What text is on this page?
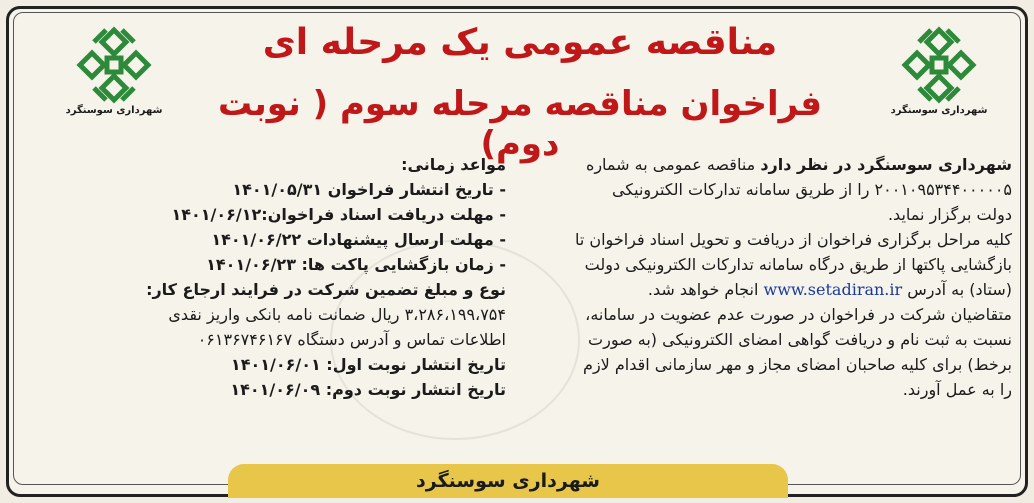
شهرداری سوسنگرد
شهرداری سوسنگرد
مناقصه عمومی یک مرحله ای
فراخوان مناقصه مرحله سوم ( نوبت دوم)

شهرداری سوسنگرد در نظر دارد مناقصه عمومی به شماره

۲۰۰۱۰۹۵۳۴۴۰۰۰۰۰۵ را از طریق سامانه تدارکات الکترونیکی

دولت برگزار نماید.

کلیه مراحل برگزاری فراخوان از دریافت و تحویل اسناد فراخوان تا

بازگشایی پاکتها از طریق درگاه سامانه تدارکات الکترونیکی دولت

(ستاد) به آدرس www.setadiran.ir انجام خواهد شد.

متقاضیان شرکت در فراخوان در صورت عدم عضویت در سامانه،

نسبت به ثبت نام و دریافت گواهی امضای الکترونیکی (به صورت

برخط) برای کلیه صاحبان امضای مجاز و مهر سازمانی اقدام لازم

را به عمل آورند.

مواعد زمانی:

- تاریخ انتشار فراخوان ۱۴۰۱/۰۵/۳۱

- مهلت دریافت اسناد فراخوان:۱۴۰۱/۰۶/۱۲

- مهلت ارسال پیشنهادات ۱۴۰۱/۰۶/۲۲

- زمان بازگشایی پاکت ها: ۱۴۰۱/۰۶/۲۳

نوع و مبلغ تضمین شرکت در فرایند ارجاع کار:

۳،۲۸۶،۱۹۹،۷۵۴ ریال ضمانت نامه بانکی واریز نقدی

اطلاعات تماس و آدرس دستگاه ۰۶۱۳۶۷۴۶۱۶۷

تاریخ انتشار نوبت اول: ۱۴۰۱/۰۶/۰۱

تاریخ انتشار نوبت دوم: ۱۴۰۱/۰۶/۰۹

شهرداری سوسنگرد
